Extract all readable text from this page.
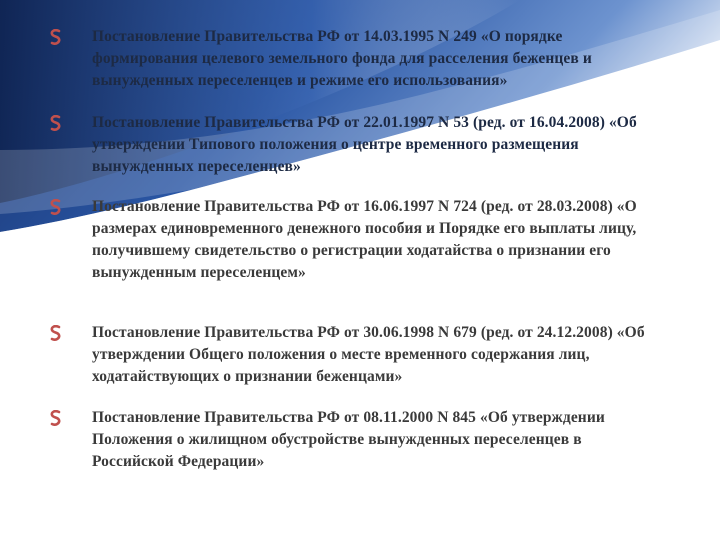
Постановление Правительства РФ от 14.03.1995 N 249 «О порядке формирования целевого земельного фонда для расселения беженцев и вынужденных переселенцев и режиме его использования»
Постановление Правительства РФ от 22.01.1997 N 53 (ред. от 16.04.2008) «Об утверждении Типового положения о центре временного размещения вынужденных переселенцев»
Постановление Правительства РФ от 16.06.1997 N 724 (ред. от 28.03.2008) «О размерах единовременного денежного пособия и Порядке его выплаты лицу, получившему свидетельство о регистрации ходатайства о признании его вынужденным переселенцем»
Постановление Правительства РФ от 30.06.1998 N 679 (ред. от 24.12.2008) «Об утверждении Общего положения о месте временного содержания лиц, ходатайствующих о признании беженцами»
Постановление Правительства РФ от 08.11.2000 N 845 «Об утверждении Положения о жилищном обустройстве вынужденных переселенцев в Российской Федерации»
